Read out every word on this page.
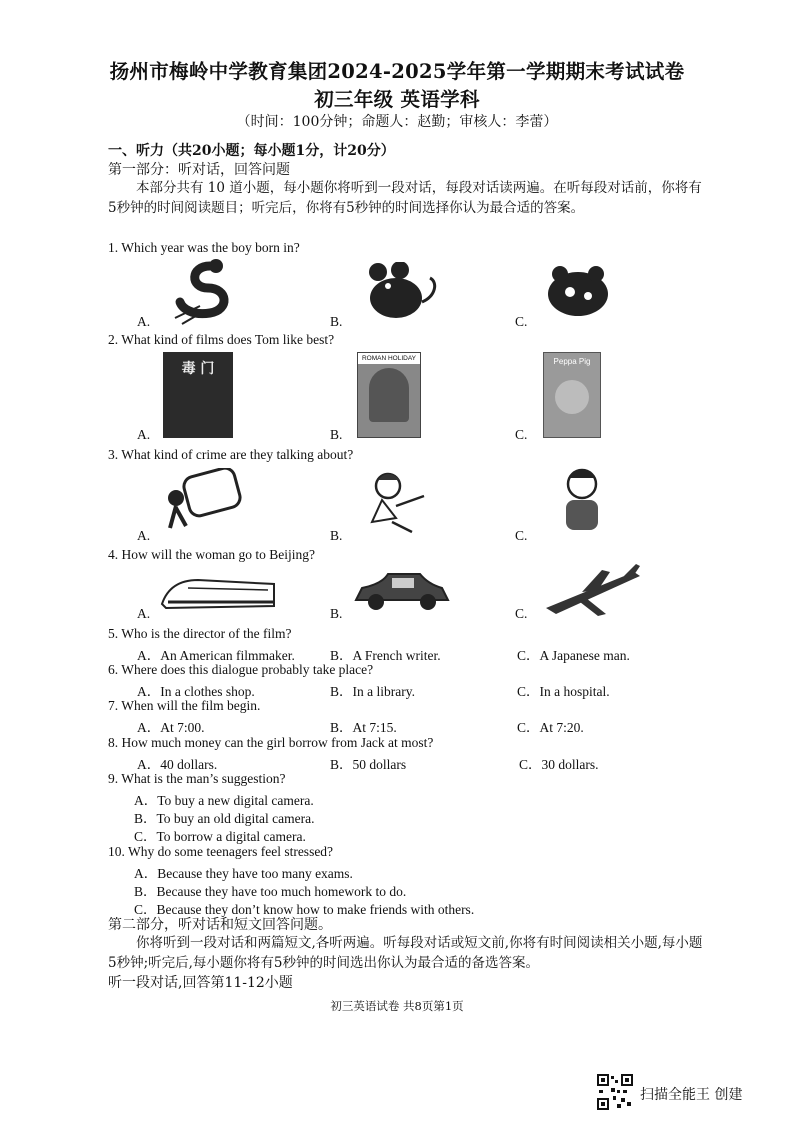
扬州市梅岭中学教育集团2024-2025学年第一学期期末考试试卷
初三年级 英语学科
（时间：100分钟；命题人：赵勤；审核人：李蕾）
一、听力（共20小题；每小题1分，计20分）
第一部分：听对话，回答问题
本部分共有 10 道小题，每小题你将听到一段对话，每段对话读两遍。在听每段对话前，你将有5秒钟的时间阅读题目；听完后，你将有5秒钟的时间选择你认为最合适的答案。
1. Which year was the boy born in?
A.	B.	C.
2. What kind of films does Tom like best?
毒 门
ROMAN HOLIDAY	Peppa Pig
A.	B.	C.
3. What kind of crime are they talking about?
A.	B.	C.
4. How will the woman go to Beijing?
A.	B.	C.
5. Who is the director of the film?
A．An American filmmaker.	B．A French writer.	C．A Japanese man.
6. Where does this dialogue probably take place?
A．In a clothes shop.	B．In a library.	C．In a hospital.
7. When will the film begin.
A．At 7:00.	B．At 7:15.	C．At 7:20.
8. How much money can the girl borrow from Jack at most?
A．40 dollars.	B．50 dollars	C．30 dollars.
9. What is the man’s suggestion?
A．To buy a new digital camera.
B．To buy an old digital camera.
C．To borrow a digital camera.
10. Why do some teenagers feel stressed?
A．Because they have too many exams.
B．Because they have too much homework to do.
C．Because they don’t know how to make friends with others.
第二部分，听对话和短文回答问题。
你将听到一段对话和两篇短文,各听两遍。听每段对话或短文前,你将有时间阅读相关小题,每小题5秒钟;听完后,每小题你将有5秒钟的时间选出你认为最合适的备选答案。
听一段对话,回答第11-12小题
初三英语试卷 共8页第1页
扫描全能王 创建
